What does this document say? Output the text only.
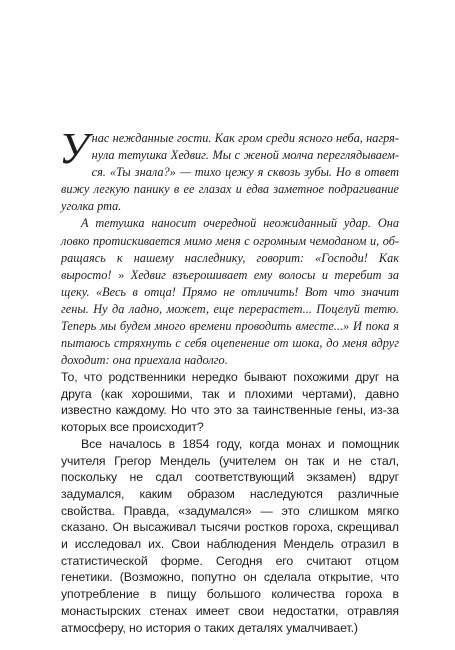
Унас нежданные гости. Как гром среди ясного неба, нагрянула тетушка Хедвиг. Мы с женой молча переглядываемся. «Ты знала?» — тихо цежу я сквозь зубы. Но в ответ вижу легкую панику в ее глазах и едва заметное подрагивание уголка рта.

А тетушка наносит очередной неожиданный удар. Она ловко протискивается мимо меня с огромным чемоданом и, обращаясь к нашему наследнику, говорит: «Господи! Как выросто! » Хедвиг взъерошивает ему волосы и теребит за щеку. «Весь в отца! Прямо не отличить! Вот что значит гены. Ну да ладно, может, еще перерастет... Поцелуй тетю. Теперь мы будем много времени проводить вместе...» И пока я пытаюсь стряхнуть с себя оцепенение от шока, до меня вдруг доходит: она приехала надолго.

То, что родственники нередко бывают похожими друг на друга (как хорошими, так и плохими чертами), давно известно каждому. Но что это за таинственные гены, из-за которых все происходит?

Все началось в 1854 году, когда монах и помощник учителя Грегор Мендель (учителем он так и не стал, поскольку не сдал соответствующий экзамен) вдруг задумался, каким образом наследуются различные свойства. Правда, «задумался» — это слишком мягко сказано. Он высаживал тысячи ростков гороха, скрещивал и исследовал их. Свои наблюдения Мендель отразил в статистической форме. Сегодня его считают отцом генетики. (Возможно, попутно он сделала открытие, что употребление в пищу большого количества гороха в монастырских стенах имеет свои недостатки, отравляя атмосферу, но история о таких деталях умалчивает.)
